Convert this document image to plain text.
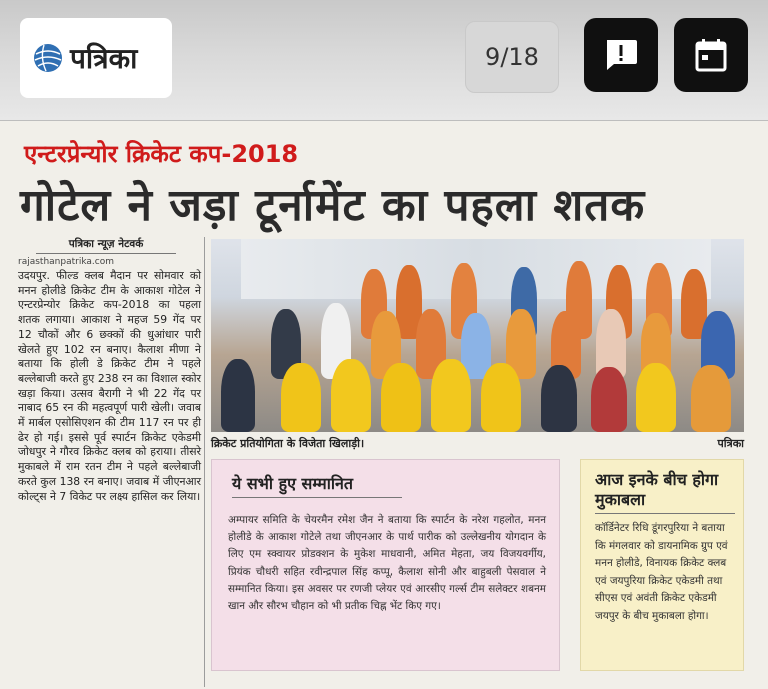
पत्रिका	9/18
एन्टरप्रेन्योर क्रिकेट कप-2018
गोटेल ने जड़ा टूर्नामेंट का पहला शतक
पत्रिका न्यूज़ नेटवर्क
rajasthanpatrika.com
उदयपुर. फील्ड क्लब मैदान पर सोमवार को मनन होलीडे क्रिकेट टीम के आकाश गोटेल ने एन्टरप्रेन्योर क्रिकेट कप-2018 का पहला शतक लगाया। आकाश ने महज 59 गेंद पर 12 चौकों और 6 छक्कों की धुआंधार पारी खेलते हुए 102 रन बनाए। कैलाश मीणा ने बताया कि होली डे क्रिकेट टीम ने पहले बल्लेबाजी करते हुए 238 रन का विशाल स्कोर खड़ा किया। उत्सव बैरागी ने भी 22 गेंद पर नाबाद 65 रन की महत्वपूर्ण पारी खेली। जवाब में मार्बल एसोसिएशन की टीम 117 रन पर ही ढेर हो गई। इससे पूर्व स्पार्टन क्रिकेट एकेडमी जोधपुर ने गौरव क्रिकेट क्लब को हराया। तीसरे मुकाबले में राम रतन टीम ने पहले बल्लेबाजी करते कुल 138 रन बनाए। जवाब में जीएनआर कोल्ट्स ने 7 विकेट पर लक्ष्य हासिल कर लिया।
क्रिकेट प्रतियोगिता के विजेता खिलाड़ी।	पत्रिका
ये सभी हुए सम्मानित
अम्पायर समिति के चेयरमैन रमेश जैन ने बताया कि स्पार्टन के नरेश गहलोत, मनन होलीडे के आकाश गोटेले तथा जीएनआर के पार्थ पारीक को उल्लेखनीय योगदान के लिए एम स्क्वायर प्रोडक्शन के मुकेश माधवानी, अमित मेहता, जय विजयवर्गीय, प्रियंक चौधरी सहित रवीन्द्रपाल सिंह कप्पू, कैलाश सोनी और बाहुबली पेसवाल ने सम्मानित किया। इस अवसर पर रणजी प्लेयर एवं आरसीए गर्ल्स टीम सलेक्टर शबनम खान और सौरभ चौहान को भी प्रतीक चिह्न भेंट किए गए।
आज इनके बीच होगा मुकाबला
कॉर्डिनेटर रिधि डूंगरपुरिया ने बताया कि मंगलवार को डायनामिक ग्रुप एवं मनन होलीडे, विनायक क्रिकेट क्लब एवं जयपुरिया क्रिकेट एकेडमी तथा सीएस एवं अवंती क्रिकेट एकेडमी जयपुर के बीच मुकाबला होगा।
